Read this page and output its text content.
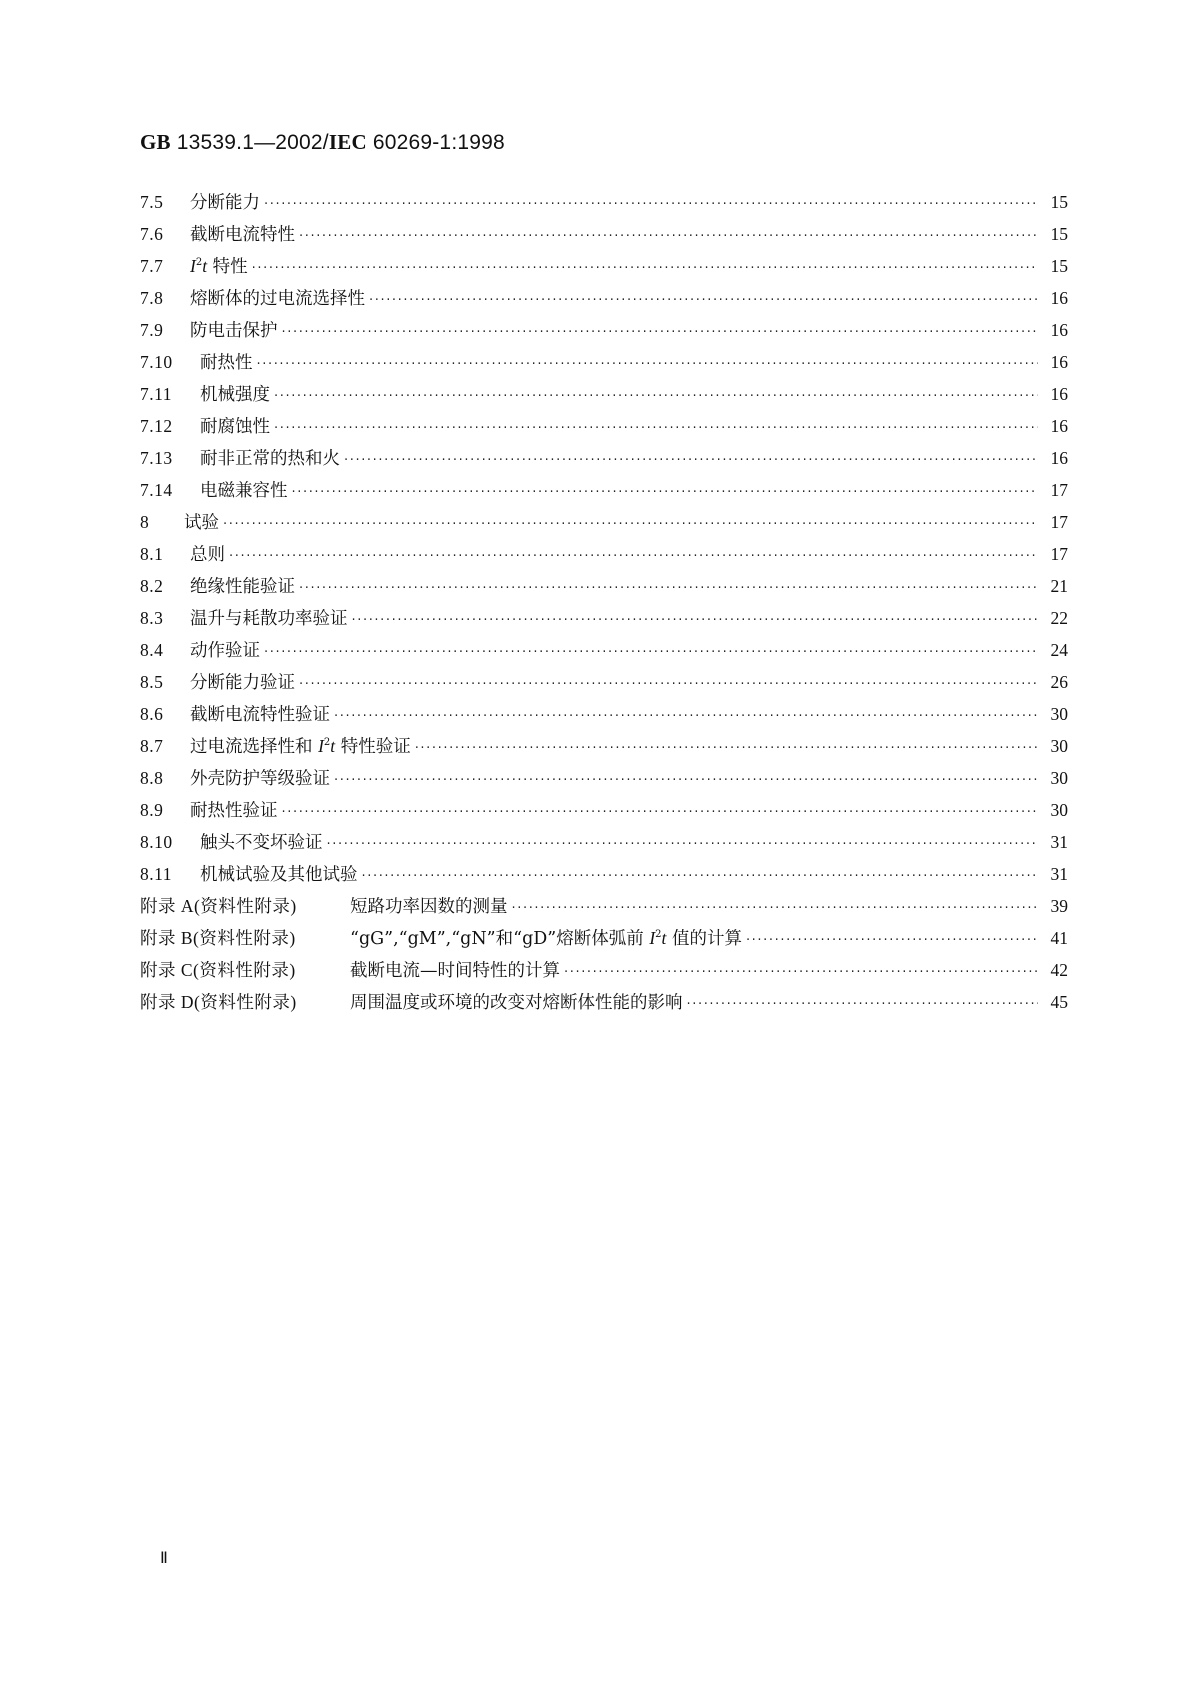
GB 13539.1—2002/IEC 60269-1:1998
7.5	分断能力 ·····	15
7.6	截断电流特性 ·····	15
7.7	$I^2t$ 特性 ·····	15
7.8	熔断体的过电流选择性 ·····	16
7.9	防电击保护 ·····	16
7.10	耐热性 ·····	16
7.11	机械强度 ·····	16
7.12	耐腐蚀性 ·····	16
7.13	耐非正常的热和火 ·····	16
7.14	电磁兼容性 ·····	17
8	试验 ·····	17
8.1	总则 ·····	17
8.2	绝缘性能验证 ·····	21
8.3	温升与耗散功率验证 ·····	22
8.4	动作验证 ·····	24
8.5	分断能力验证 ·····	26
8.6	截断电流特性验证 ·····	30
8.7	过电流选择性和 $I^2t$ 特性验证 ·····	30
8.8	外壳防护等级验证 ·····	30
8.9	耐热性验证 ·····	30
8.10	触头不变坏验证 ·····	31
8.11	机械试验及其他试验 ·····	31
附录 A(资料性附录)	短路功率因数的测量 ·····	39
附录 B(资料性附录)	“gG”,“gM”,“gN”和“gD”熔断体弧前 $I^2t$ 值的计算 ·····	41
附录 C(资料性附录)	截断电流—时间特性的计算 ·····	42
附录 D(资料性附录)	周围温度或环境的改变对熔断体性能的影响 ·····	45
Ⅱ
